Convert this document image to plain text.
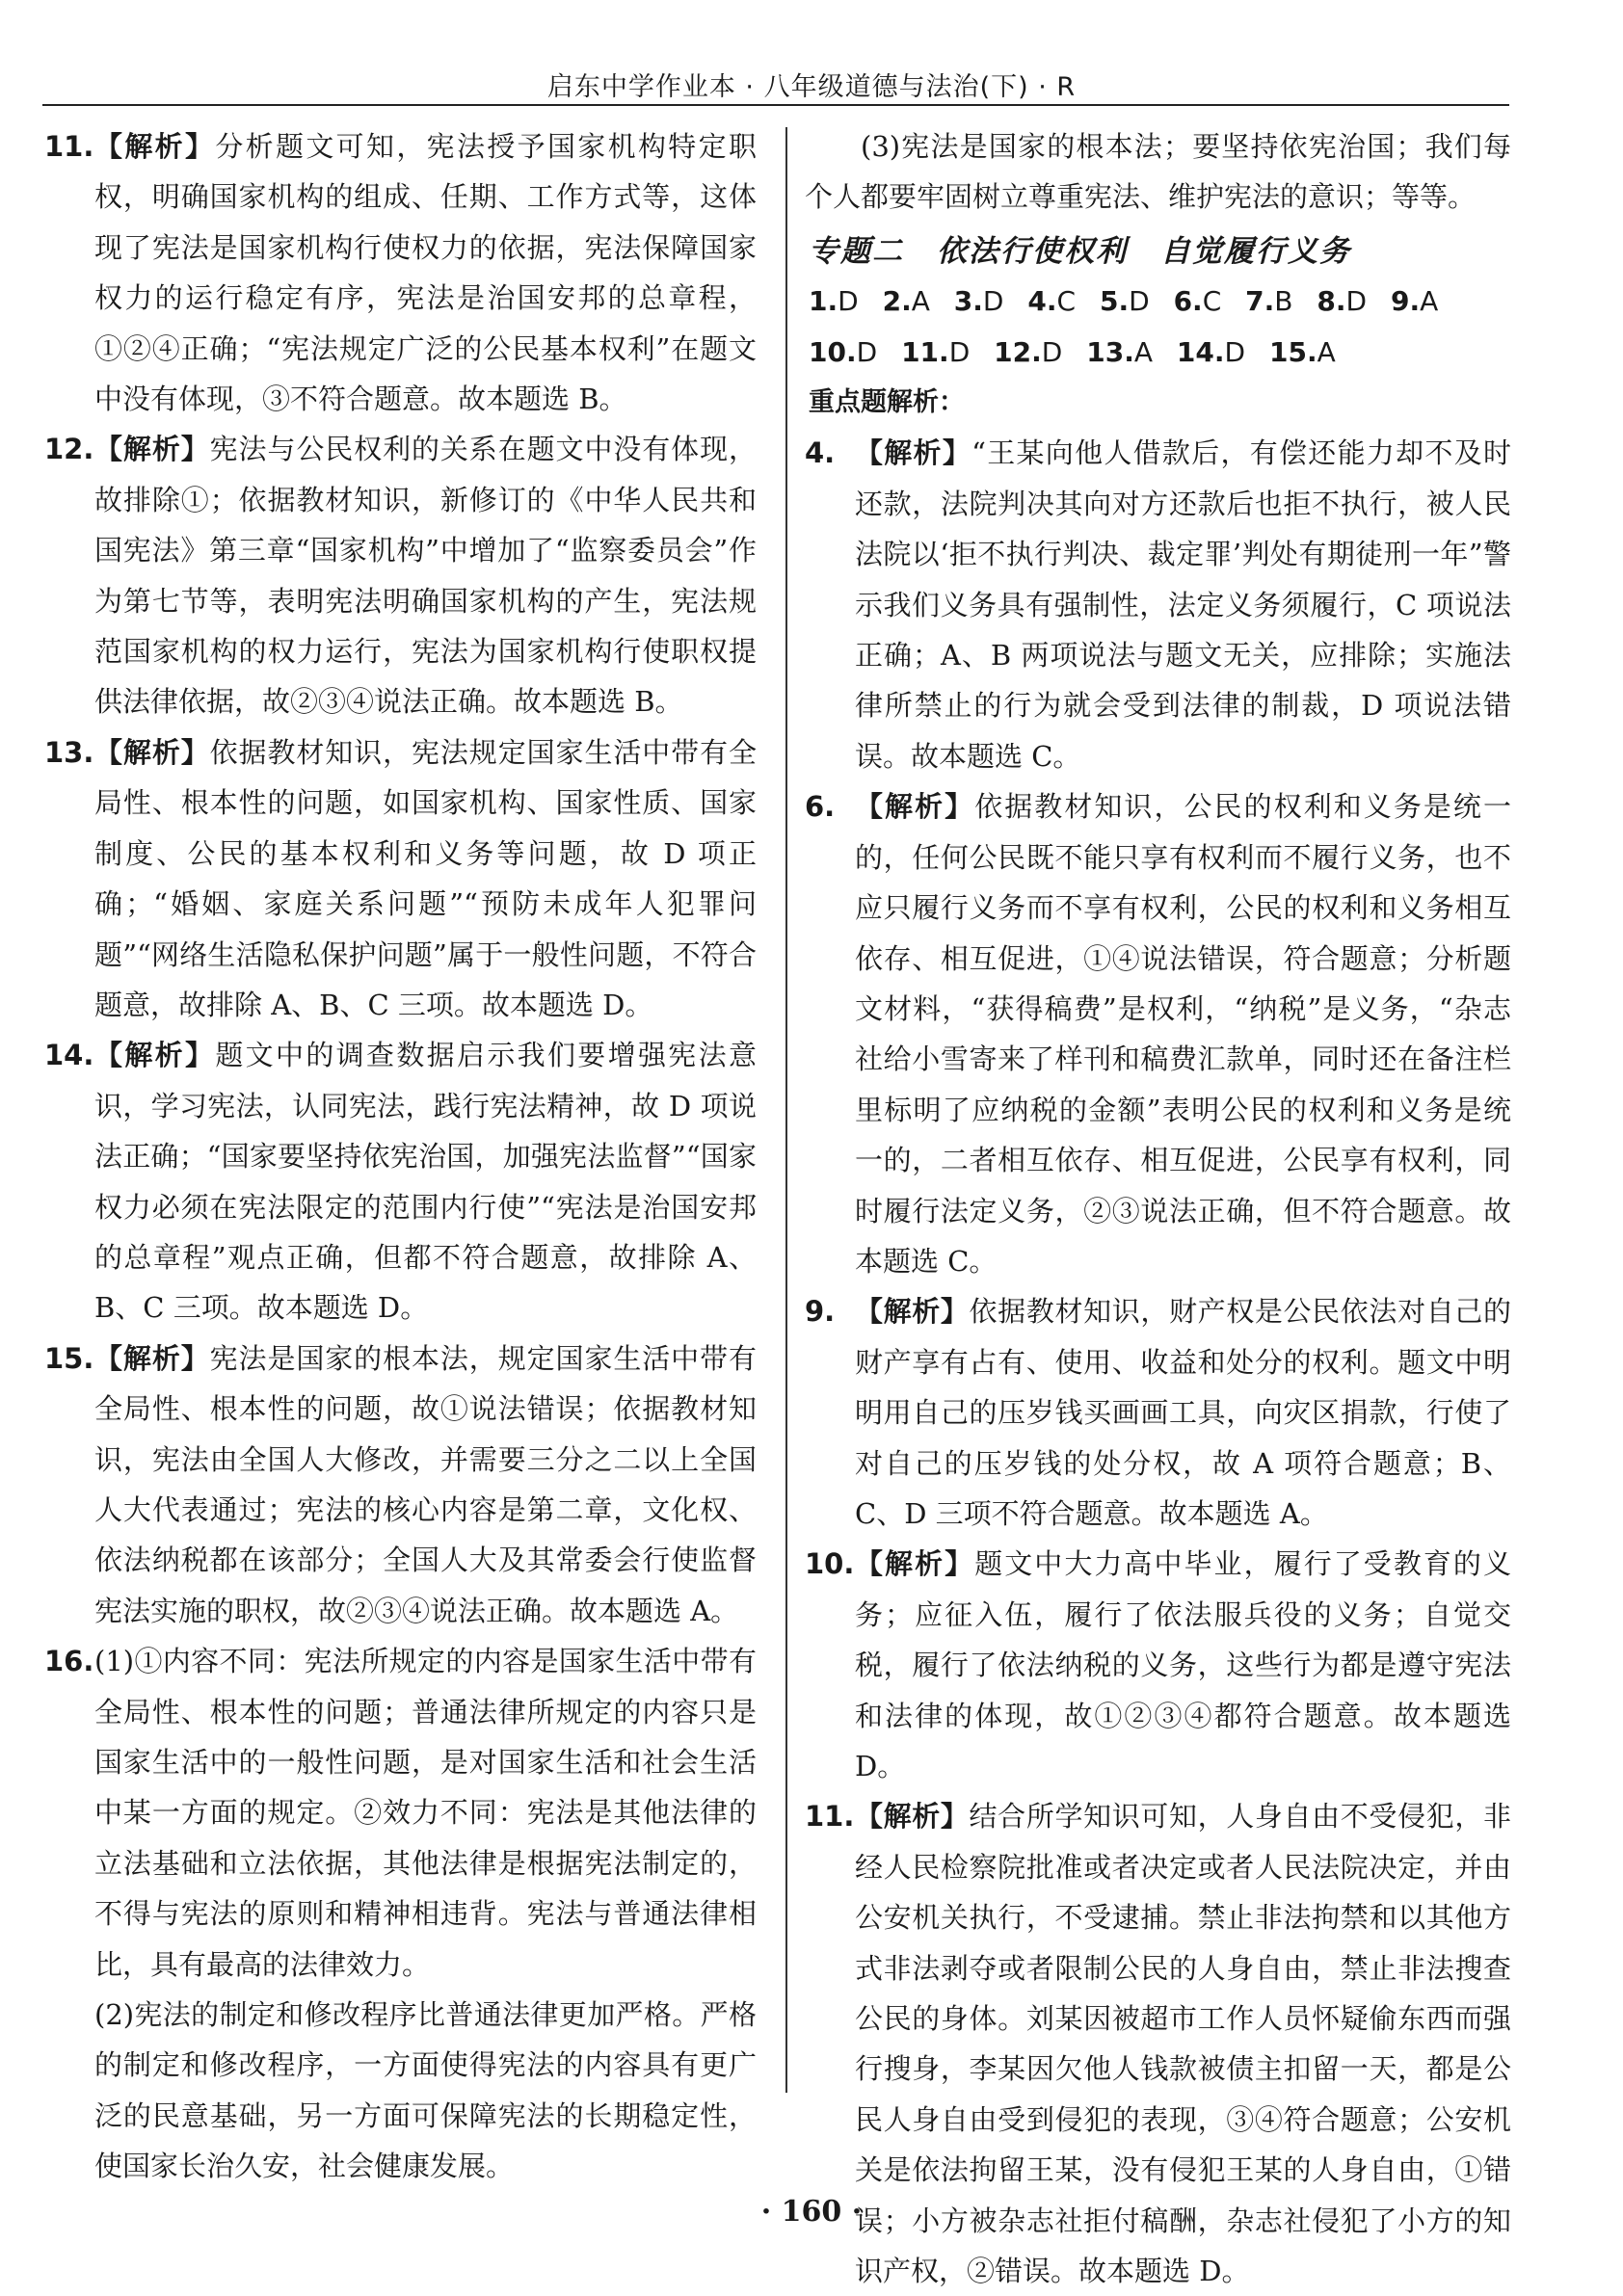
启东中学作业本 · 八年级道德与法治(下) · R
11. 【解析】分析题文可知，宪法授予国家机构特定职权，明确国家机构的组成、任期、工作方式等，这体现了宪法是国家机构行使权力的依据，宪法保障国家权力的运行稳定有序，宪法是治国安邦的总章程，①②④正确；“宪法规定广泛的公民基本权利”在题文中没有体现，③不符合题意。故本题选 B。
12. 【解析】宪法与公民权利的关系在题文中没有体现，故排除①；依据教材知识，新修订的《中华人民共和国宪法》第三章“国家机构”中增加了“监察委员会”作为第七节等，表明宪法明确国家机构的产生，宪法规范国家机构的权力运行，宪法为国家机构行使职权提供法律依据，故②③④说法正确。故本题选 B。
13. 【解析】依据教材知识，宪法规定国家生活中带有全局性、根本性的问题，如国家机构、国家性质、国家制度、公民的基本权利和义务等问题，故 D 项正确；“婚姻、家庭关系问题”“预防未成年人犯罪问题”“网络生活隐私保护问题”属于一般性问题，不符合题意，故排除 A、B、C 三项。故本题选 D。
14. 【解析】题文中的调查数据启示我们要增强宪法意识，学习宪法，认同宪法，践行宪法精神，故 D 项说法正确；“国家要坚持依宪治国，加强宪法监督”“国家权力必须在宪法限定的范围内行使”“宪法是治国安邦的总章程”观点正确，但都不符合题意，故排除 A、B、C 三项。故本题选 D。
15. 【解析】宪法是国家的根本法，规定国家生活中带有全局性、根本性的问题，故①说法错误；依据教材知识，宪法由全国人大修改，并需要三分之二以上全国人大代表通过；宪法的核心内容是第二章，文化权、依法纳税都在该部分；全国人大及其常委会行使监督宪法实施的职权，故②③④说法正确。故本题选 A。
16. (1)①内容不同：宪法所规定的内容是国家生活中带有全局性、根本性的问题；普通法律所规定的内容只是国家生活中的一般性问题，是对国家生活和社会生活中某一方面的规定。②效力不同：宪法是其他法律的立法基础和立法依据，其他法律是根据宪法制定的，不得与宪法的原则和精神相违背。宪法与普通法律相比，具有最高的法律效力。
(2)宪法的制定和修改程序比普通法律更加严格。严格的制定和修改程序，一方面使得宪法的内容具有更广泛的民意基础，另一方面可保障宪法的长期稳定性，使国家长治久安，社会健康发展。
(3)宪法是国家的根本法；要坚持依宪治国；我们每个人都要牢固树立尊重宪法、维护宪法的意识；等等。
专题二 依法行使权利 自觉履行义务
1.D 2.A 3.D 4.C 5.D 6.C 7.B 8.D 9.A
10.D 11.D 12.D 13.A 14.D 15.A
重点题解析：
4. 【解析】“王某向他人借款后，有偿还能力却不及时还款，法院判决其向对方还款后也拒不执行，被人民法院以‘拒不执行判决、裁定罪’判处有期徒刑一年”警示我们义务具有强制性，法定义务须履行，C 项说法正确；A、B 两项说法与题文无关，应排除；实施法律所禁止的行为就会受到法律的制裁，D 项说法错误。故本题选 C。
6. 【解析】依据教材知识，公民的权利和义务是统一的，任何公民既不能只享有权利而不履行义务，也不应只履行义务而不享有权利，公民的权利和义务相互依存、相互促进，①④说法错误，符合题意；分析题文材料，“获得稿费”是权利，“纳税”是义务，“杂志社给小雪寄来了样刊和稿费汇款单，同时还在备注栏里标明了应纳税的金额”表明公民的权利和义务是统一的，二者相互依存、相互促进，公民享有权利，同时履行法定义务，②③说法正确，但不符合题意。故本题选 C。
9. 【解析】依据教材知识，财产权是公民依法对自己的财产享有占有、使用、收益和处分的权利。题文中明明用自己的压岁钱买画画工具，向灾区捐款，行使了对自己的压岁钱的处分权，故 A 项符合题意；B、C、D 三项不符合题意。故本题选 A。
10. 【解析】题文中大力高中毕业，履行了受教育的义务；应征入伍，履行了依法服兵役的义务；自觉交税，履行了依法纳税的义务，这些行为都是遵守宪法和法律的体现，故①②③④都符合题意。故本题选 D。
11. 【解析】结合所学知识可知，人身自由不受侵犯，非经人民检察院批准或者决定或者人民法院决定，并由公安机关执行，不受逮捕。禁止非法拘禁和以其他方式非法剥夺或者限制公民的人身自由，禁止非法搜查公民的身体。刘某因被超市工作人员怀疑偷东西而强行搜身，李某因欠他人钱款被债主扣留一天，都是公民人身自由受到侵犯的表现，③④符合题意；公安机关是依法拘留王某，没有侵犯王某的人身自由，①错误；小方被杂志社拒付稿酬，杂志社侵犯了小方的知识产权，②错误。故本题选 D。
· 160 ·
